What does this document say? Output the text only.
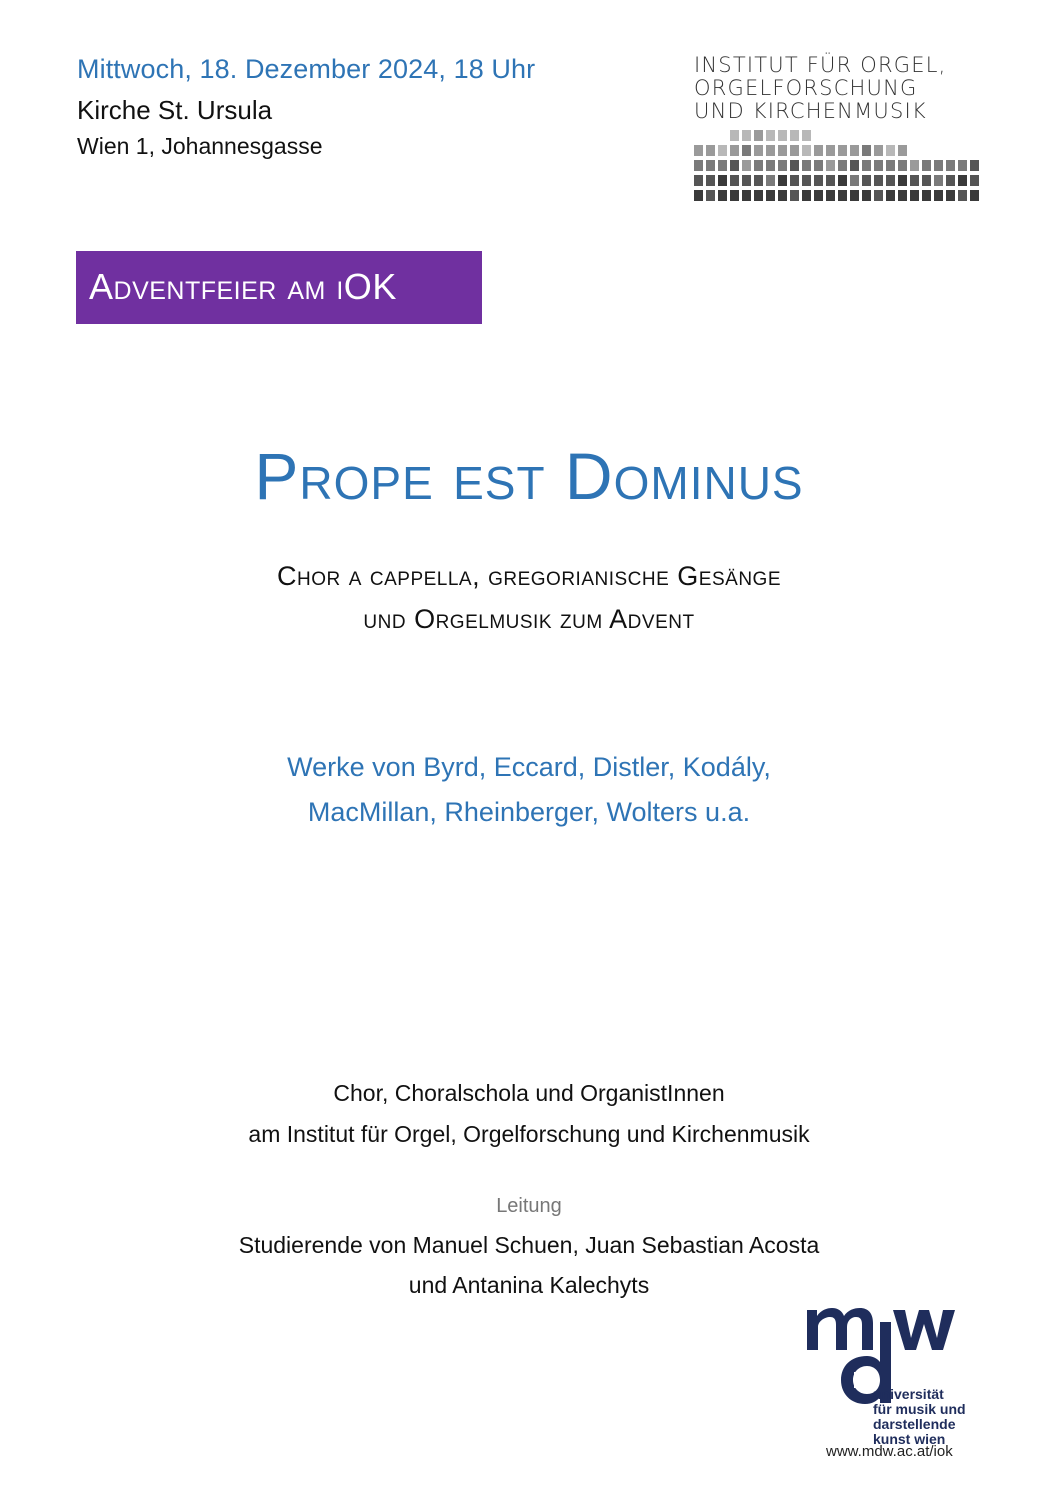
Mittwoch, 18. Dezember 2024, 18 Uhr
Kirche St. Ursula
Wien 1, Johannesgasse
INSTITUT FÜR ORGEL,
ORGELFORSCHUNG
UND KIRCHENMUSIK
Adventfeier am iOK
Prope est Dominus
Chor a cappella, gregorianische Gesänge
und Orgelmusik zum Advent
Werke von Byrd, Eccard, Distler, Kodály,
MacMillan, Rheinberger, Wolters u.a.
Chor, Choralschola und OrganistInnen
am Institut für Orgel, Orgelforschung und Kirchenmusik
Leitung
Studierende von Manuel Schuen, Juan Sebastian Acosta
und Antanina Kalechyts
universität
für musik und
darstellende
kunst wien
www.mdw.ac.at/iok
